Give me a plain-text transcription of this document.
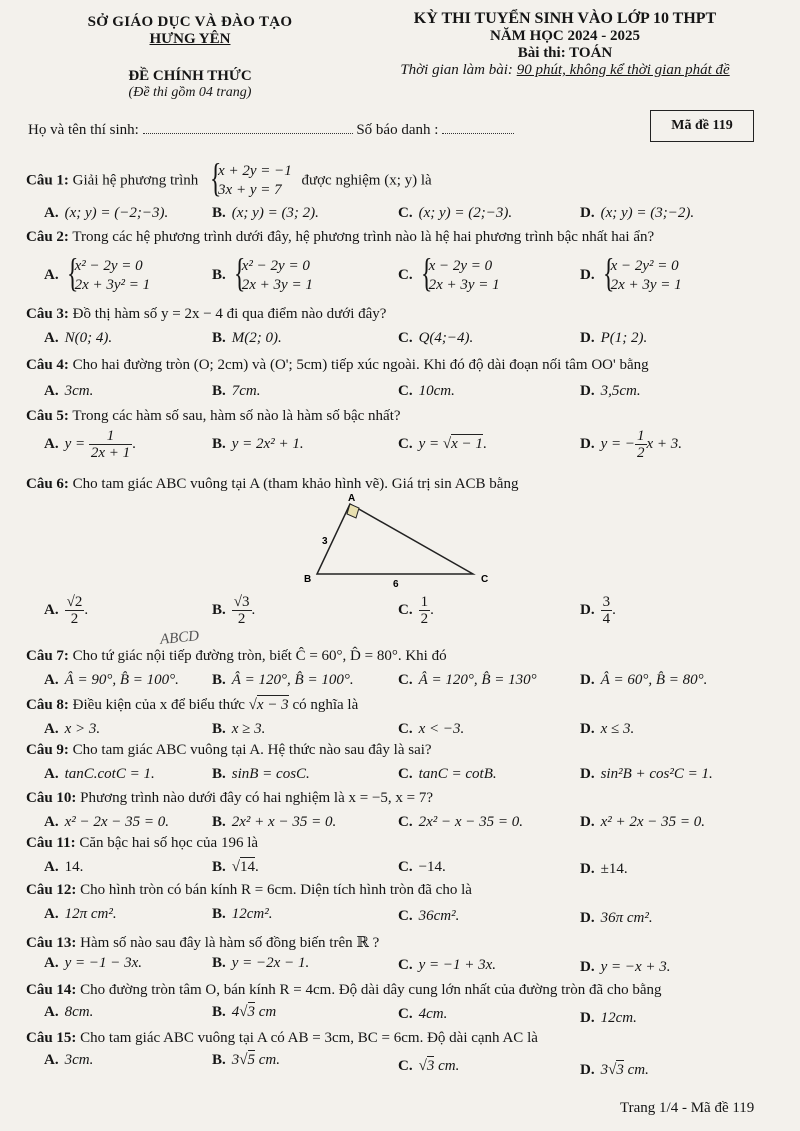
SỞ GIÁO DỤC VÀ ĐÀO TẠO
HƯNG YÊN
ĐỀ CHÍNH THỨC
(Đề thi gồm 04 trang)
KỲ THI TUYỂN SINH VÀO LỚP 10 THPT
NĂM HỌC 2024 - 2025
Bài thi: TOÁN
Thời gian làm bài: 90 phút, không kể thời gian phát đề
Họ và tên thí sinh:	Số báo danh :	Mã đề 119
Câu 1: Giải hệ phương trình
{ x + 2y = −1
3x + y = 7
được nghiệm (x; y) là
A. (x; y) = (−2;−3).	B. (x; y) = (3; 2).	C. (x; y) = (2;−3).	D. (x; y) = (3;−2).
Câu 2: Trong các hệ phương trình dưới đây, hệ phương trình nào là hệ hai phương trình bậc nhất hai ẩn?
A.
{ x² − 2y = 0
2x + 3y² = 1
B.
{ x² − 2y = 0
2x + 3y = 1
C.
{ x − 2y = 0
2x + 3y = 1
D.
{ x − 2y² = 0
2x + 3y = 1
Câu 3: Đồ thị hàm số y = 2x − 4 đi qua điểm nào dưới đây?
A. N(0; 4).	B. M(2; 0).	C. Q(4;−4).	D. P(1; 2).
Câu 4: Cho hai đường tròn (O; 2cm) và (O'; 5cm) tiếp xúc ngoài. Khi đó độ dài đoạn nối tâm OO' bằng
A. 3cm.	B. 7cm.	C. 10cm.	D. 3,5cm.
Câu 5: Trong các hàm số sau, hàm số nào là hàm số bậc nhất?
A. $y = \frac{1}{2x + 1}$ .	B. y = 2x² + 1.	C. y = √x − 1.	D. y = − $\frac{1}{2}$ x + 3.
Câu 6: Cho tam giác ABC vuông tại A (tham khảo hình vẽ). Giá trị sin ACB bằng
A
B	C
3
6
A. $\frac{√2}{2}$ .	B. $\frac{√3}{2}$ .	C. $\frac{1}{2}$ .	D. $\frac{3}{4}$ .
ABCD
Câu 7: Cho tứ giác nội tiếp đường tròn, biết Ĉ = 60°, D̂ = 80°. Khi đó
A. Â = 90°, B̂ = 100°. B. Â = 120°, B̂ = 100°.	C. Â = 120°, B̂ = 130°	D. Â = 60°, B̂ = 80°.
Câu 8: Điều kiện của x để biểu thức √x − 3 có nghĩa là
A. x > 3.	B. x ≥ 3.	C. x < −3.	D. x ≤ 3.
Câu 9: Cho tam giác ABC vuông tại A. Hệ thức nào sau đây là sai?
A. tanC.cotC = 1.	B. sinB = cosC.	C. tanC = cotB.	D. sin²B + cos²C = 1.
Câu 10: Phương trình nào dưới đây có hai nghiệm là x = −5, x = 7?
A. x² − 2x − 35 = 0.	B. 2x² + x − 35 = 0.	C. 2x² − x − 35 = 0.	D. x² + 2x − 35 = 0.
Câu 11: Căn bậc hai số học của 196 là
A. 14.	B. √14.	C. −14.	D. ±14.
Câu 12: Cho hình tròn có bán kính R = 6cm. Diện tích hình tròn đã cho là
A. 12π cm².	B. 12cm².	C. 36cm².	D. 36π cm².
Câu 13: Hàm số nào sau đây là hàm số đồng biến trên ℝ ?
A. y = −1 − 3x.	B. y = −2x − 1.	C. y = −1 + 3x.	D. y = −x + 3.
Câu 14: Cho đường tròn tâm O, bán kính R = 4cm. Độ dài dây cung lớn nhất của đường tròn đã cho bằng
A. 8cm.	B. 4√3 cm	C. 4cm.	D. 12cm.
Câu 15: Cho tam giác ABC vuông tại A có AB = 3cm, BC = 6cm. Độ dài cạnh AC là
A. 3cm.	B. 3√5 cm.	C. √3 cm.	D. 3√3 cm.
Trang 1/4 - Mã đề 119
